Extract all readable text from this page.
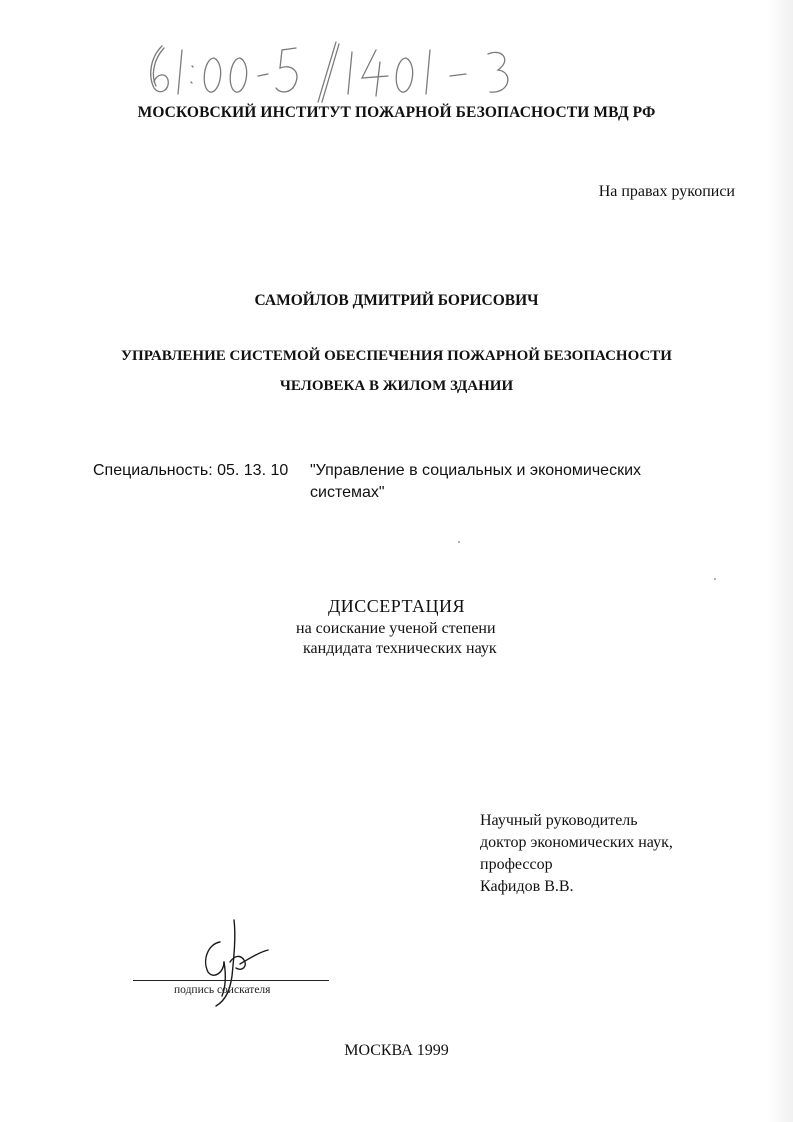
МОСКОВСКИЙ ИНСТИТУТ ПОЖАРНОЙ БЕЗОПАСНОСТИ МВД РФ
На правах рукописи
САМОЙЛОВ ДМИТРИЙ БОРИСОВИЧ
УПРАВЛЕНИЕ СИСТЕМОЙ ОБЕСПЕЧЕНИЯ ПОЖАРНОЙ БЕЗОПАСНОСТИ
ЧЕЛОВЕКА В ЖИЛОМ ЗДАНИИ
Специальность: 05. 13. 10 "Управление в социальных и экономических
системах"
ДИССЕРТАЦИЯ
на соискание ученой степени
кандидата технических наук
Научный руководитель
доктор экономических наук,
профессор
Кафидов В.В.
подпись соискателя
МОСКВА 1999
